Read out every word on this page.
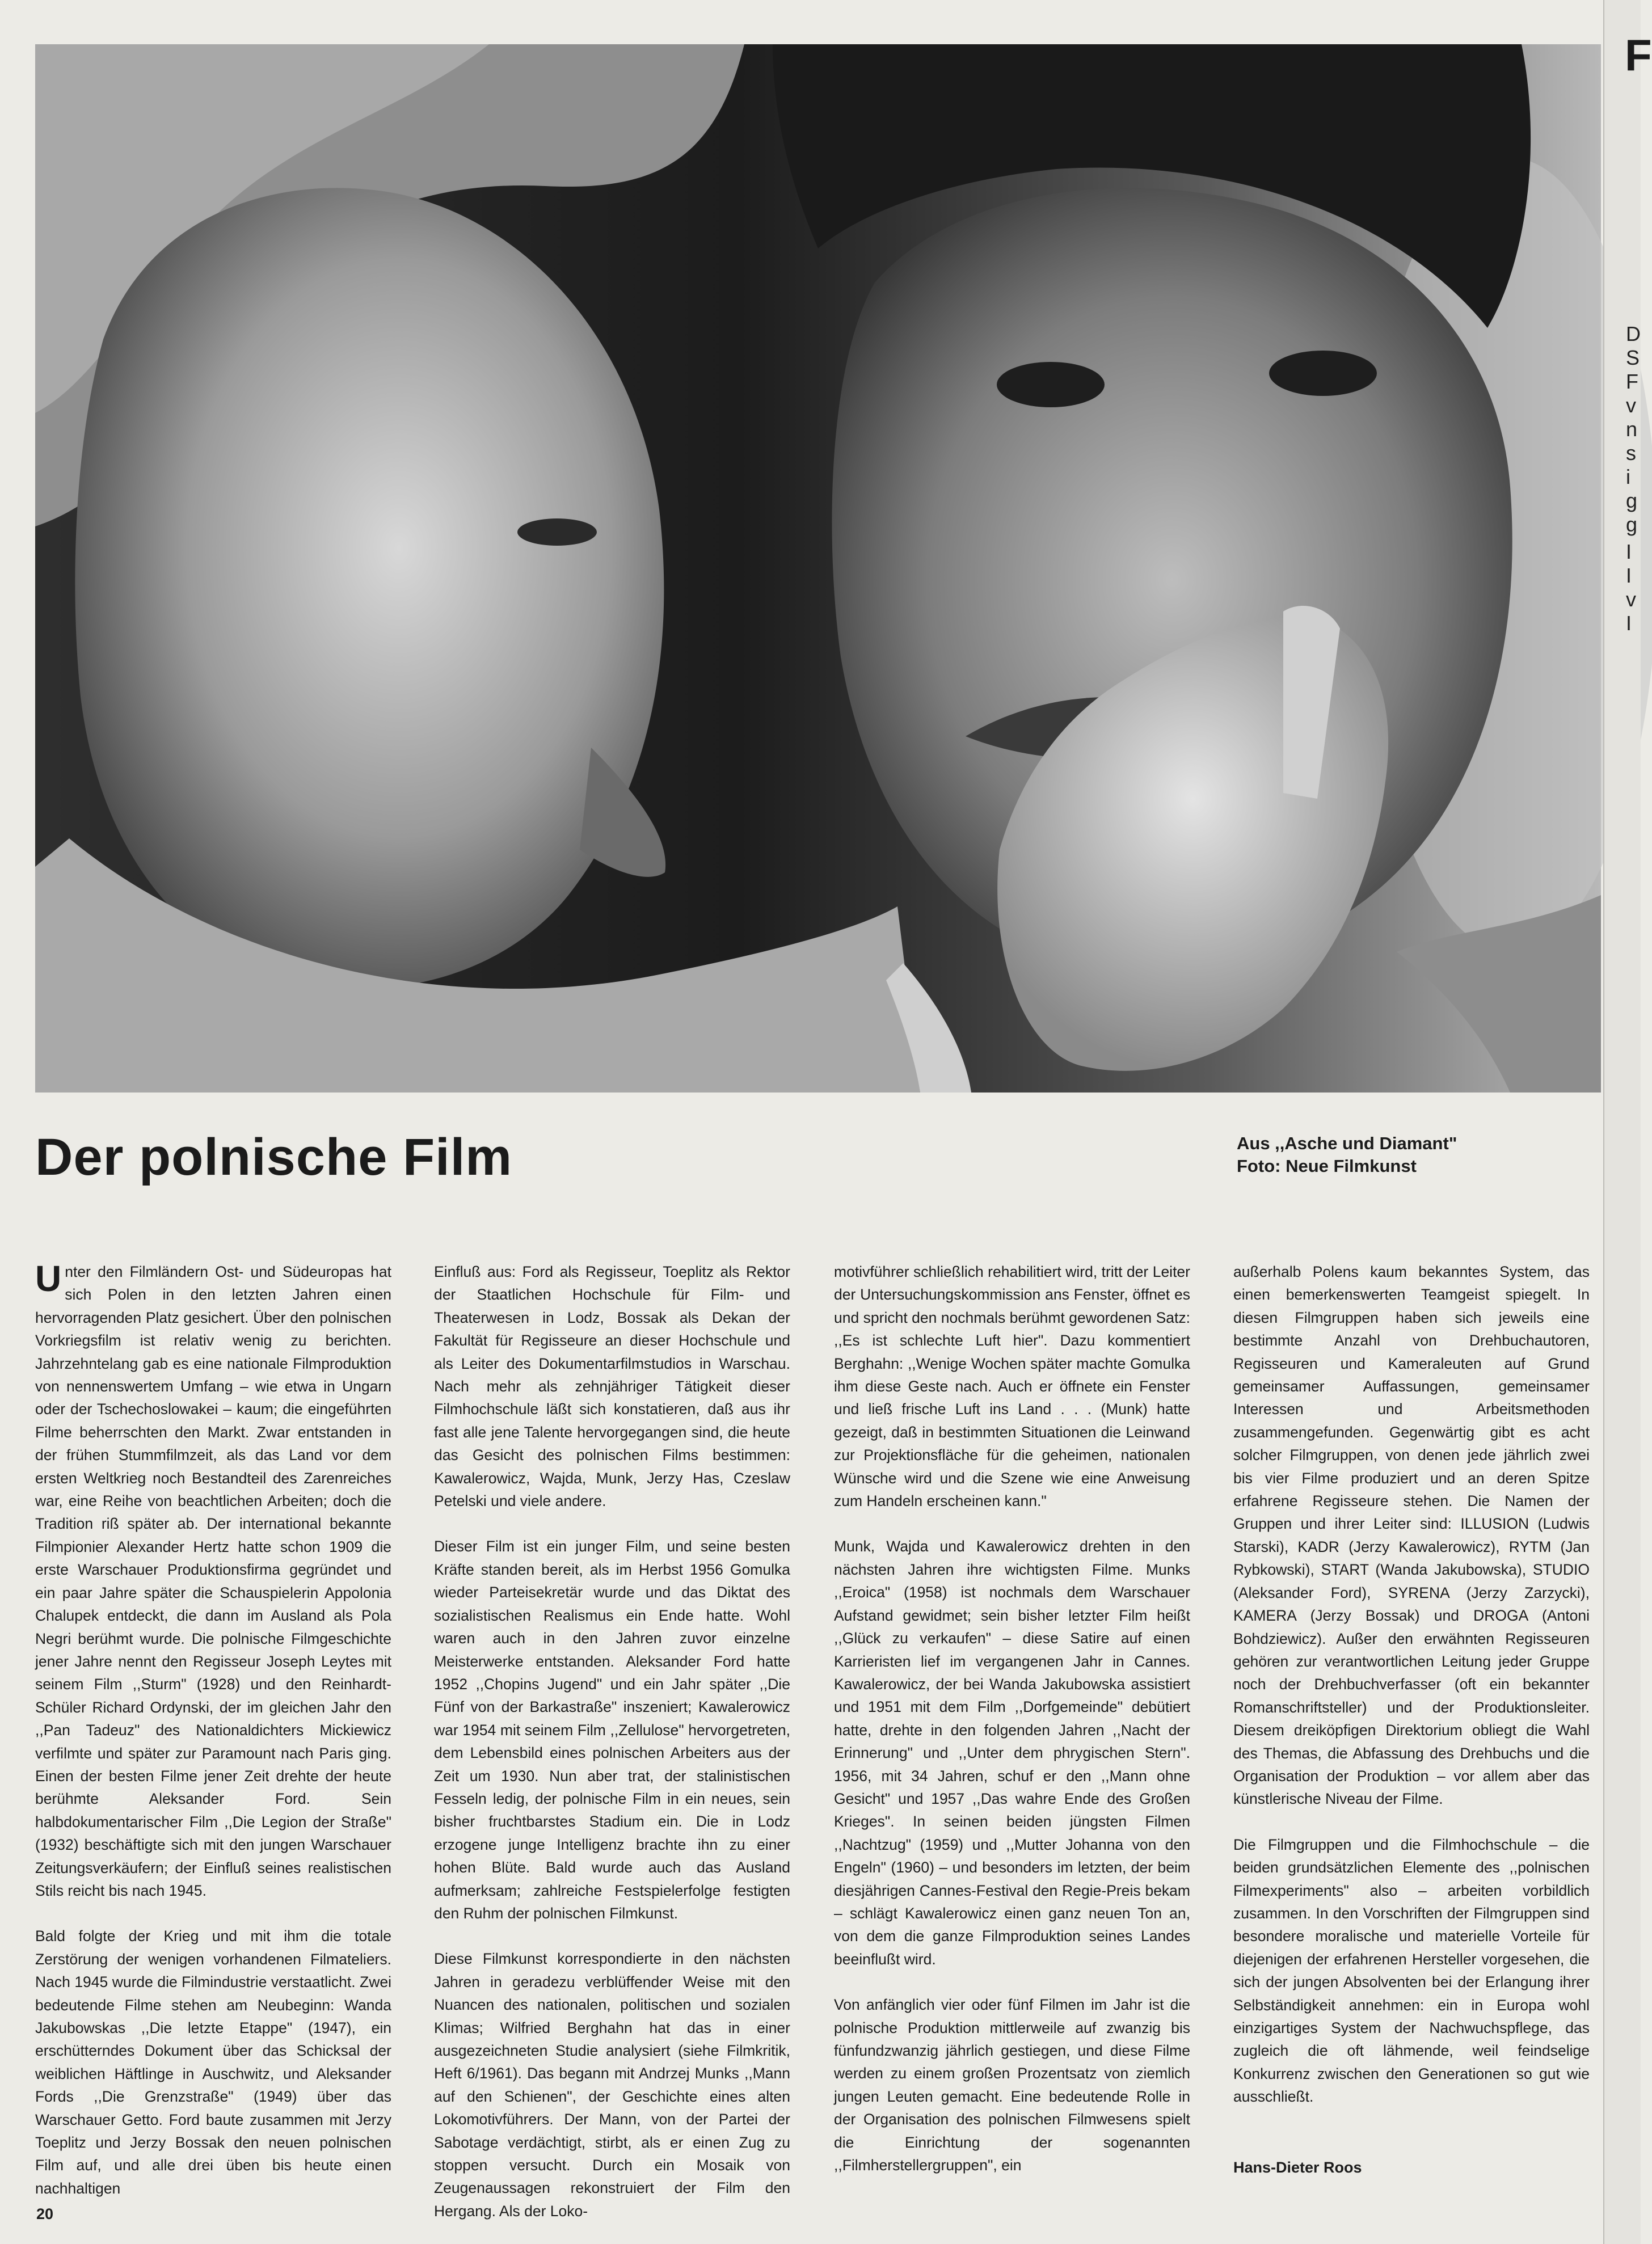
F
D
S
F
v
n
s
i
g
g
I
I
v
I
Der polnische Film	Aus ,,Asche und Diamant"
Foto: Neue Filmkunst

Unter den Filmländern Ost- und Südeuropas hat sich Polen in den letzten Jahren einen hervorragenden Platz gesichert. Über den polnischen Vorkriegsfilm ist relativ wenig zu berichten. Jahrzehntelang gab es eine nationale Filmproduktion von nennenswertem Umfang – wie etwa in Ungarn oder der Tschechoslowakei – kaum; die eingeführten Filme beherrschten den Markt. Zwar entstanden in der frühen Stummfilmzeit, als das Land vor dem ersten Weltkrieg noch Bestandteil des Zarenreiches war, eine Reihe von beachtlichen Arbeiten; doch die Tradition riß später ab. Der international bekannte Filmpionier Alexander Hertz hatte schon 1909 die erste Warschauer Produktionsfirma gegründet und ein paar Jahre später die Schauspielerin Appolonia Chalupek entdeckt, die dann im Ausland als Pola Negri berühmt wurde. Die polnische Filmgeschichte jener Jahre nennt den Regisseur Joseph Leytes mit seinem Film ,,Sturm" (1928) und den Reinhardt-Schüler Richard Ordynski, der im gleichen Jahr den ,,Pan Tadeuz" des Nationaldichters Mickiewicz verfilmte und später zur Paramount nach Paris ging. Einen der besten Filme jener Zeit drehte der heute berühmte Aleksander Ford. Sein halbdokumentarischer Film ,,Die Legion der Straße" (1932) beschäftigte sich mit den jungen Warschauer Zeitungsverkäufern; der Einfluß seines realistischen Stils reicht bis nach 1945.

Bald folgte der Krieg und mit ihm die totale Zerstörung der wenigen vorhandenen Filmateliers. Nach 1945 wurde die Filmindustrie verstaatlicht. Zwei bedeutende Filme stehen am Neubeginn: Wanda Jakubowskas ,,Die letzte Etappe" (1947), ein erschütterndes Dokument über das Schicksal der weiblichen Häftlinge in Auschwitz, und Aleksander Fords ,,Die Grenzstraße" (1949) über das Warschauer Getto. Ford baute zusammen mit Jerzy Toeplitz und Jerzy Bossak den neuen polnischen Film auf, und alle drei üben bis heute einen nachhaltigen

Einfluß aus: Ford als Regisseur, Toeplitz als Rektor der Staatlichen Hochschule für Film- und Theaterwesen in Lodz, Bossak als Dekan der Fakultät für Regisseure an dieser Hochschule und als Leiter des Dokumentarfilmstudios in Warschau. Nach mehr als zehnjähriger Tätigkeit dieser Filmhochschule läßt sich konstatieren, daß aus ihr fast alle jene Talente hervorgegangen sind, die heute das Gesicht des polnischen Films bestimmen: Kawalerowicz, Wajda, Munk, Jerzy Has, Czeslaw Petelski und viele andere.

Dieser Film ist ein junger Film, und seine besten Kräfte standen bereit, als im Herbst 1956 Gomulka wieder Parteisekretär wurde und das Diktat des sozialistischen Realismus ein Ende hatte. Wohl waren auch in den Jahren zuvor einzelne Meisterwerke entstanden. Aleksander Ford hatte 1952 ,,Chopins Jugend" und ein Jahr später ,,Die Fünf von der Barkastraße" inszeniert; Kawalerowicz war 1954 mit seinem Film ,,Zellulose" hervorgetreten, dem Lebensbild eines polnischen Arbeiters aus der Zeit um 1930. Nun aber trat, der stalinistischen Fesseln ledig, der polnische Film in ein neues, sein bisher fruchtbarstes Stadium ein. Die in Lodz erzogene junge Intelligenz brachte ihn zu einer hohen Blüte. Bald wurde auch das Ausland aufmerksam; zahlreiche Festspielerfolge festigten den Ruhm der polnischen Filmkunst.

Diese Filmkunst korrespondierte in den nächsten Jahren in geradezu verblüffender Weise mit den Nuancen des nationalen, politischen und sozialen Klimas; Wilfried Berghahn hat das in einer ausgezeichneten Studie analysiert (siehe Filmkritik, Heft 6/1961). Das begann mit Andrzej Munks ,,Mann auf den Schienen", der Geschichte eines alten Lokomotivführers. Der Mann, von der Partei der Sabotage verdächtigt, stirbt, als er einen Zug zu stoppen versucht. Durch ein Mosaik von Zeugenaussagen rekonstruiert der Film den Hergang. Als der Loko-

motivführer schließlich rehabilitiert wird, tritt der Leiter der Untersuchungskommission ans Fenster, öffnet es und spricht den nochmals berühmt gewordenen Satz: ,,Es ist schlechte Luft hier". Dazu kommentiert Berghahn: ,,Wenige Wochen später machte Gomulka ihm diese Geste nach. Auch er öffnete ein Fenster und ließ frische Luft ins Land . . . (Munk) hatte gezeigt, daß in bestimmten Situationen die Leinwand zur Projektionsfläche für die geheimen, nationalen Wünsche wird und die Szene wie eine Anweisung zum Handeln erscheinen kann."

Munk, Wajda und Kawalerowicz drehten in den nächsten Jahren ihre wichtigsten Filme. Munks ,,Eroica" (1958) ist nochmals dem Warschauer Aufstand gewidmet; sein bisher letzter Film heißt ,,Glück zu verkaufen" – diese Satire auf einen Karrieristen lief im vergangenen Jahr in Cannes. Kawalerowicz, der bei Wanda Jakubowska assistiert und 1951 mit dem Film ,,Dorfgemeinde" debütiert hatte, drehte in den folgenden Jahren ,,Nacht der Erinnerung" und ,,Unter dem phrygischen Stern". 1956, mit 34 Jahren, schuf er den ,,Mann ohne Gesicht" und 1957 ,,Das wahre Ende des Großen Krieges". In seinen beiden jüngsten Filmen ,,Nachtzug" (1959) und ,,Mutter Johanna von den Engeln" (1960) – und besonders im letzten, der beim diesjährigen Cannes-Festival den Regie-Preis bekam – schlägt Kawalerowicz einen ganz neuen Ton an, von dem die ganze Filmproduktion seines Landes beeinflußt wird.

Von anfänglich vier oder fünf Filmen im Jahr ist die polnische Produktion mittlerweile auf zwanzig bis fünfundzwanzig jährlich gestiegen, und diese Filme werden zu einem großen Prozentsatz von ziemlich jungen Leuten gemacht. Eine bedeutende Rolle in der Organisation des polnischen Filmwesens spielt die Einrichtung der sogenannten ,,Filmherstellergruppen", ein

außerhalb Polens kaum bekanntes System, das einen bemerkenswerten Teamgeist spiegelt. In diesen Filmgruppen haben sich jeweils eine bestimmte Anzahl von Drehbuchautoren, Regisseuren und Kameraleuten auf Grund gemeinsamer Auffassungen, gemeinsamer Interessen und Arbeitsmethoden zusammengefunden. Gegenwärtig gibt es acht solcher Filmgruppen, von denen jede jährlich zwei bis vier Filme produziert und an deren Spitze erfahrene Regisseure stehen. Die Namen der Gruppen und ihrer Leiter sind: ILLUSION (Ludwis Starski), KADR (Jerzy Kawalerowicz), RYTM (Jan Rybkowski), START (Wanda Jakubowska), STUDIO (Aleksander Ford), SYRENA (Jerzy Zarzycki), KAMERA (Jerzy Bossak) und DROGA (Antoni Bohdziewicz). Außer den erwähnten Regisseuren gehören zur verantwortlichen Leitung jeder Gruppe noch der Drehbuchverfasser (oft ein bekannter Romanschriftsteller) und der Produktionsleiter. Diesem dreiköpfigen Direktorium obliegt die Wahl des Themas, die Abfassung des Drehbuchs und die Organisation der Produktion – vor allem aber das künstlerische Niveau der Filme.

Die Filmgruppen und die Filmhochschule – die beiden grundsätzlichen Elemente des ,,polnischen Filmexperiments" also – arbeiten vorbildlich zusammen. In den Vorschriften der Filmgruppen sind besondere moralische und materielle Vorteile für diejenigen der erfahrenen Hersteller vorgesehen, die sich der jungen Absolventen bei der Erlangung ihrer Selbständigkeit annehmen: ein in Europa wohl einzigartiges System der Nachwuchspflege, das zugleich die oft lähmende, weil feindselige Konkurrenz zwischen den Generationen so gut wie ausschließt.

Hans-Dieter Roos
20
